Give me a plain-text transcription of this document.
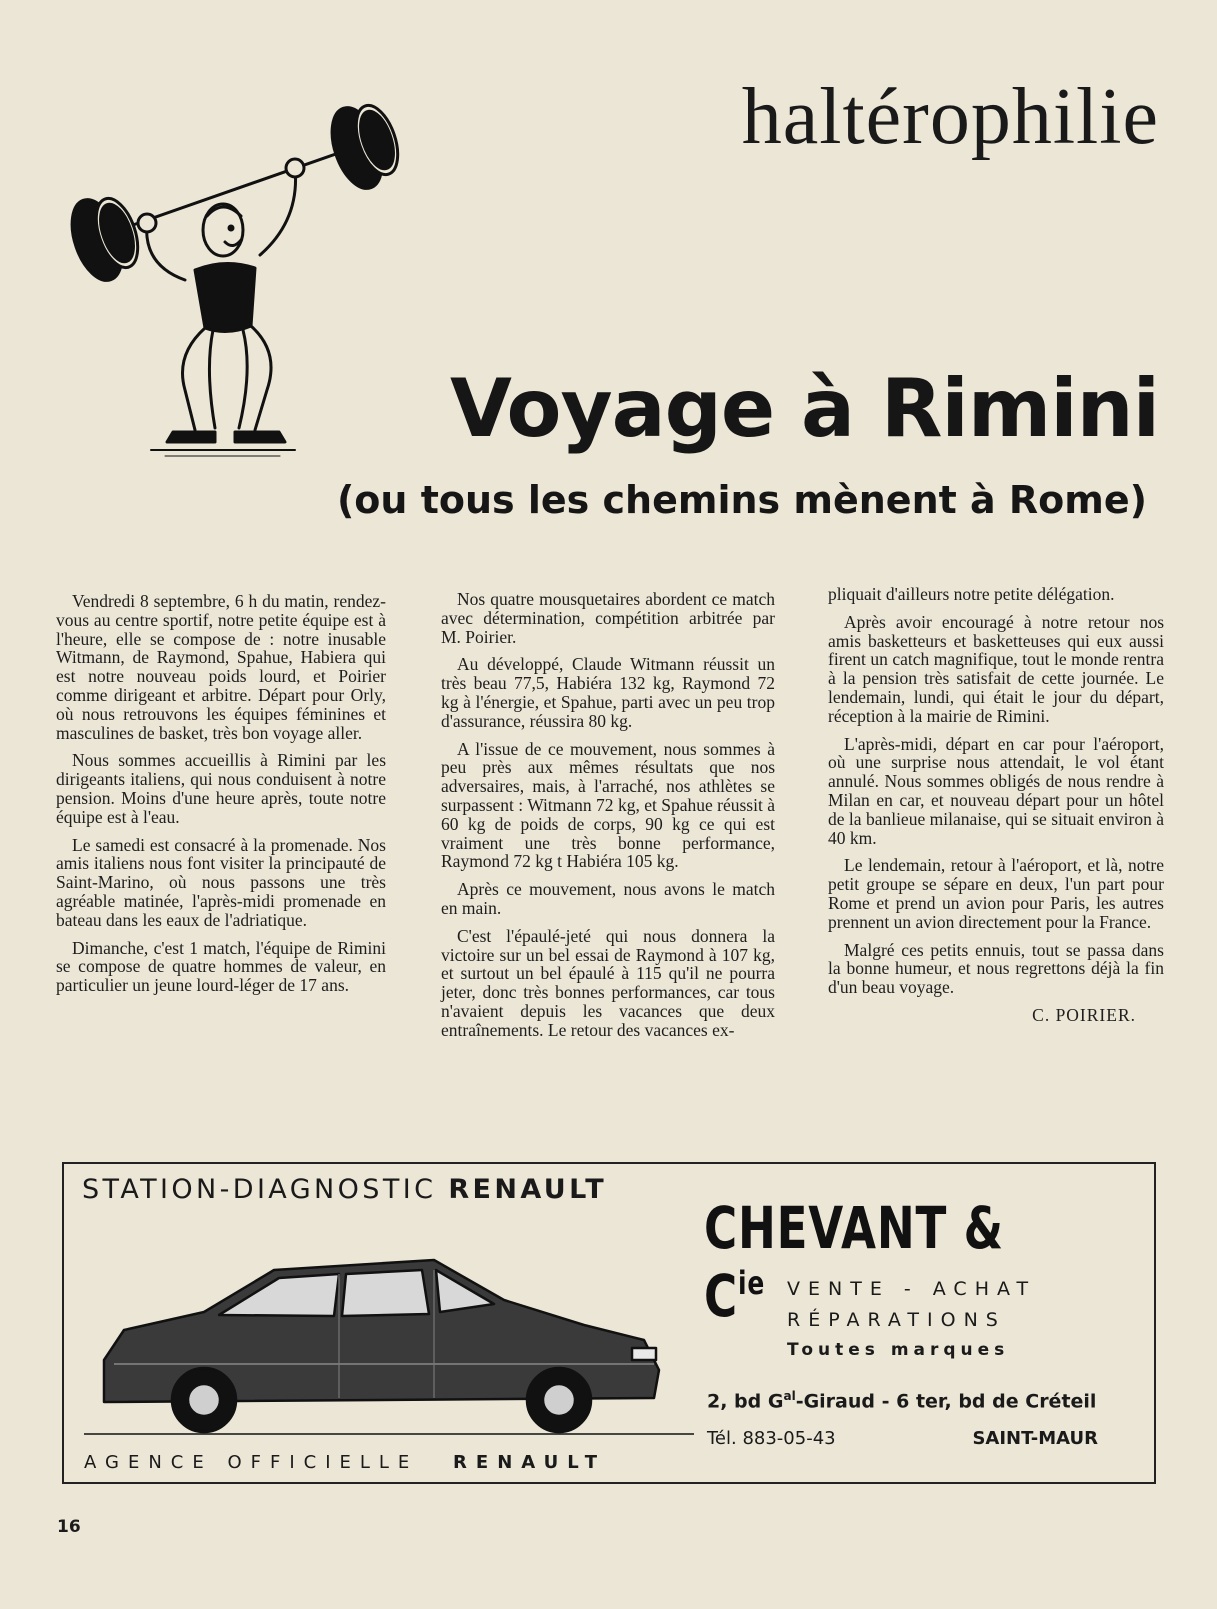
haltérophilie
Voyage à Rimini
(ou tous les chemins mènent à Rome)

Vendredi 8 septembre, 6 h du matin, rendez-vous au centre sportif, notre petite équipe est à l'heure, elle se compose de : notre inusable Witmann, de Raymond, Spahue, Habiera qui est notre nouveau poids lourd, et Poirier comme dirigeant et arbitre. Départ pour Orly, où nous retrouvons les équipes féminines et masculines de basket, très bon voyage aller.

Nous sommes accueillis à Rimini par les dirigeants italiens, qui nous conduisent à notre pension. Moins d'une heure après, toute notre équipe est à l'eau.

Le samedi est consacré à la promenade. Nos amis italiens nous font visiter la principauté de Saint-Marino, où nous passons une très agréable matinée, l'après-midi promenade en bateau dans les eaux de l'adriatique.

Dimanche, c'est 1 match, l'équipe de Rimini se compose de quatre hommes de valeur, en particulier un jeune lourd-léger de 17 ans.

Nos quatre mousquetaires abordent ce match avec détermination, compétition arbitrée par M. Poirier.

Au développé, Claude Witmann réussit un très beau 77,5, Habiéra 132 kg, Raymond 72 kg à l'énergie, et Spahue, parti avec un peu trop d'assurance, réussira 80 kg.

A l'issue de ce mouvement, nous sommes à peu près aux mêmes résultats que nos adversaires, mais, à l'arraché, nos athlètes se surpassent : Witmann 72 kg, et Spahue réussit à 60 kg de poids de corps, 90 kg ce qui est vraiment une très bonne performance, Raymond 72 kg t Habiéra 105 kg.

Après ce mouvement, nous avons le match en main.

C'est l'épaulé-jeté qui nous donnera la victoire sur un bel essai de Raymond à 107 kg, et surtout un bel épaulé à 115 qu'il ne pourra jeter, donc très bonnes performances, car tous n'avaient depuis les vacances que deux entraînements. Le retour des vacances ex-

pliquait d'ailleurs notre petite délégation.

Après avoir encouragé à notre retour nos amis basketteurs et basketteuses qui eux aussi firent un catch magnifique, tout le monde rentra à la pension très satisfait de cette journée. Le lendemain, lundi, qui était le jour du départ, réception à la mairie de Rimini.

L'après-midi, départ en car pour l'aéroport, où une surprise nous attendait, le vol étant annulé. Nous sommes obligés de nous rendre à Milan en car, et nouveau départ pour un hôtel de la banlieue milanaise, qui se situait environ à 40 km.

Le lendemain, retour à l'aéroport, et là, notre petit groupe se sépare en deux, l'un part pour Rome et prend un avion pour Paris, les autres prennent un avion directement pour la France.

Malgré ces petits ennuis, tout se passa dans la bonne humeur, et nous regrettons déjà la fin d'un beau voyage.

C. POIRIER.
STATION-DIAGNOSTIC RENAULT
AGENCE OFFICIELLE RENAULT
CHEVANT & $C^{ie}$	VENTE - ACHAT
RÉPARATIONS
Toutes marques
2, bd $G^{al}$-Giraud - 6 ter, bd de Créteil
Tél. 883-05-43	SAINT-MAUR
16
